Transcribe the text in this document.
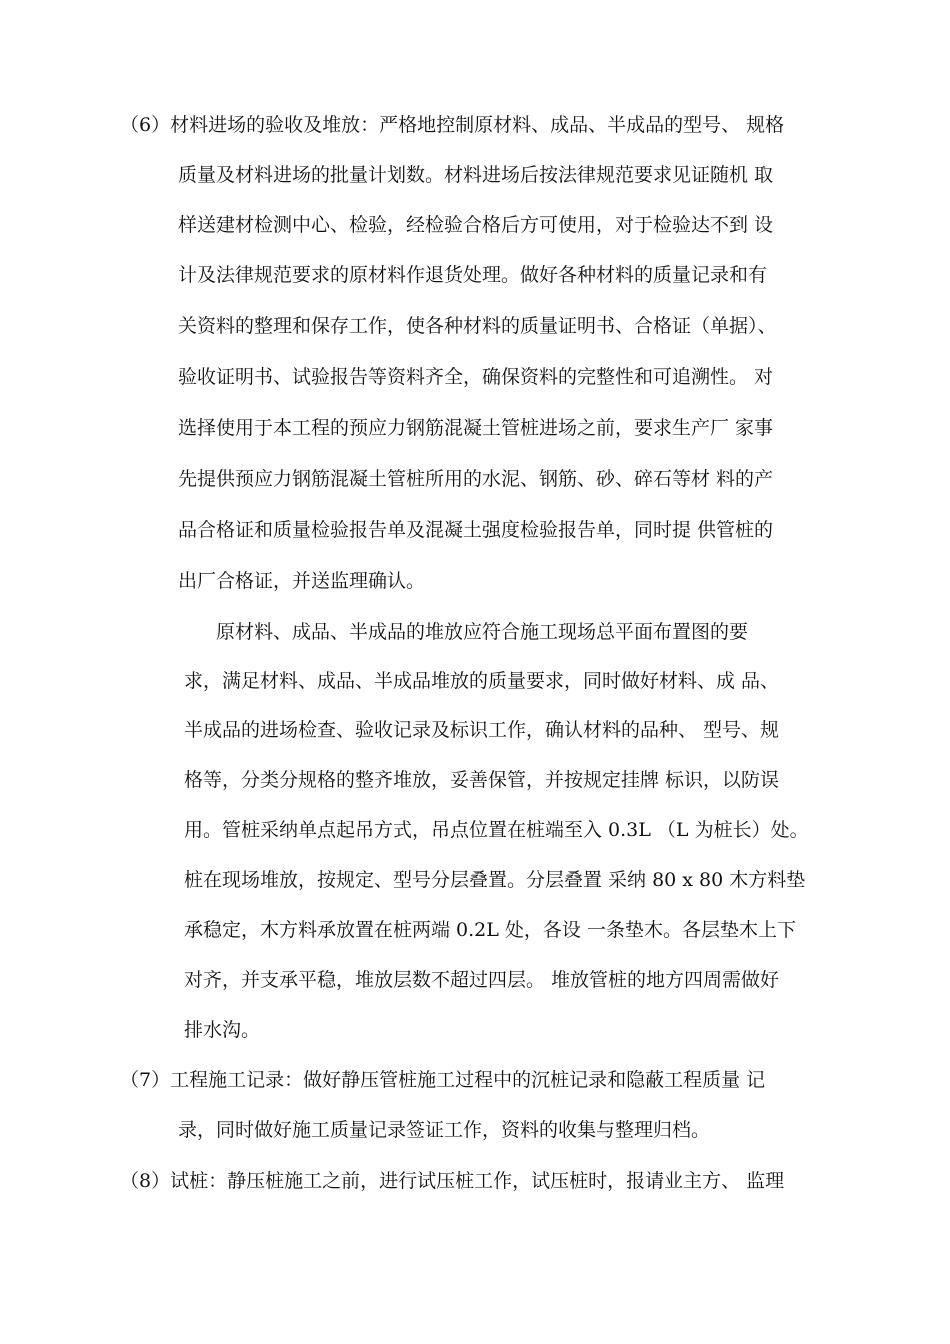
（6）材料进场的验收及堆放：严格地控制原材料、成品、半成品的型号、 规格
质量及材料进场的批量计划数。材料进场后按法律规范要求见证随机 取
样送建材检测中心、检验，经检验合格后方可使用，对于检验达不到 设
计及法律规范要求的原材料作退货处理。做好各种材料的质量记录和有
关资料的整理和保存工作，使各种材料的质量证明书、合格证（单据）、
验收证明书、试验报告等资料齐全，确保资料的完整性和可追溯性。 对
选择使用于本工程的预应力钢筋混凝土管桩进场之前，要求生产厂 家事
先提供预应力钢筋混凝土管桩所用的水泥、钢筋、砂、碎石等材 料的产
品合格证和质量检验报告单及混凝土强度检验报告单，同时提 供管桩的
出厂合格证，并送监理确认。
原材料、成品、半成品的堆放应符合施工现场总平面布置图的要
求，满足材料、成品、半成品堆放的质量要求，同时做好材料、成 品、
半成品的进场检查、验收记录及标识工作，确认材料的品种、 型号、规
格等，分类分规格的整齐堆放，妥善保管，并按规定挂牌 标识，以防误
用。管桩采纳单点起吊方式，吊点位置在桩端至入 0.3L （L 为桩长）处。
桩在现场堆放，按规定、型号分层叠置。分层叠置 采纳 80 x 80 木方料垫
承稳定，木方料承放置在桩两端 0.2L 处，各设 一条垫木。各层垫木上下
对齐，并支承平稳，堆放层数不超过四层。 堆放管桩的地方四周需做好
排水沟。
（7）工程施工记录：做好静压管桩施工过程中的沉桩记录和隐蔽工程质量 记
录，同时做好施工质量记录签证工作，资料的收集与整理归档。
（8）试桩：静压桩施工之前，进行试压桩工作，试压桩时，报请业主方、 监理
